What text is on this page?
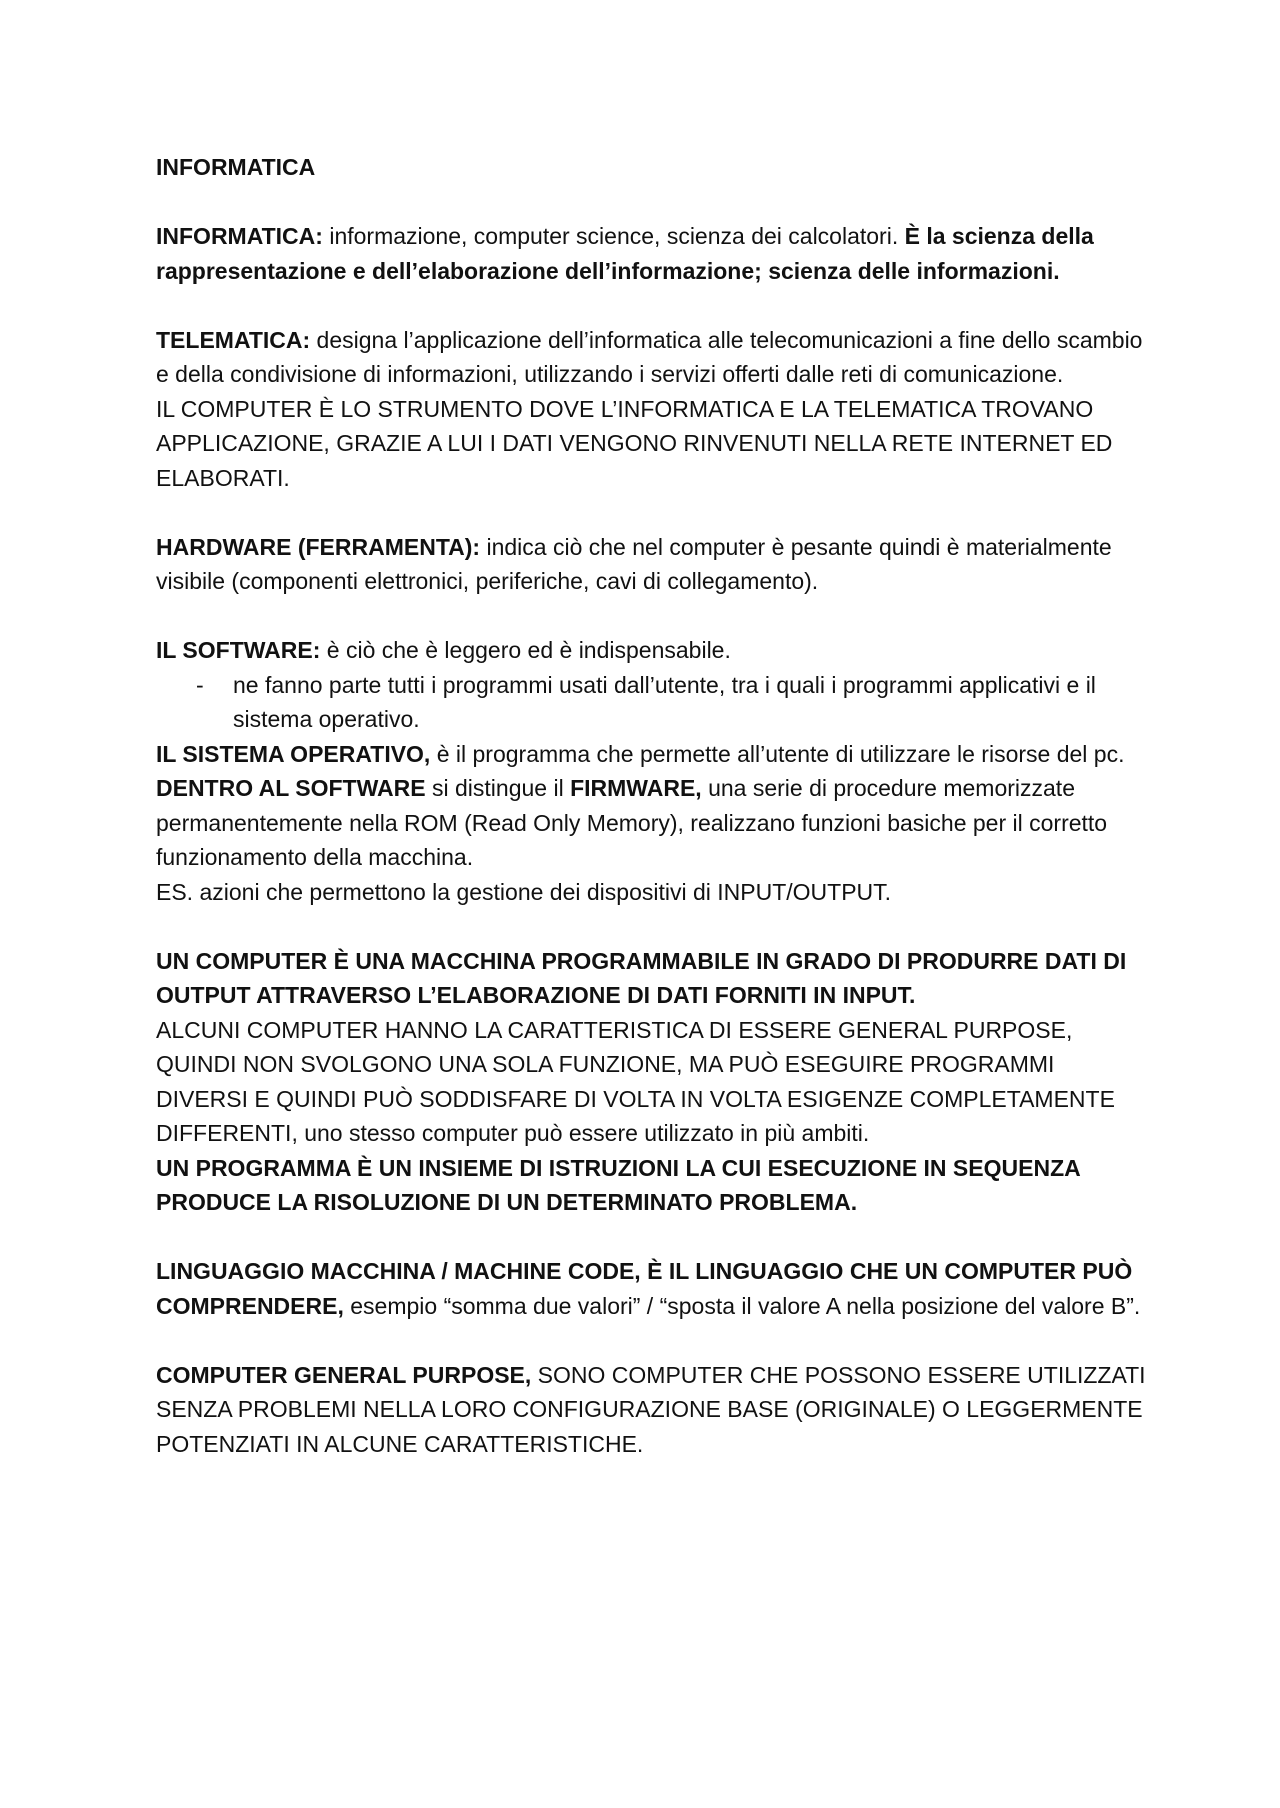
INFORMATICA

INFORMATICA: informazione, computer science, scienza dei calcolatori. È la scienza della rappresentazione e dell’elaborazione dell’informazione; scienza delle informazioni.

TELEMATICA: designa l’applicazione dell’informatica alle telecomunicazioni a fine dello scambio e della condivisione di informazioni, utilizzando i servizi offerti dalle reti di comunicazione.

IL COMPUTER È LO STRUMENTO DOVE L’INFORMATICA E LA TELEMATICA TROVANO APPLICAZIONE, GRAZIE A LUI I DATI VENGONO RINVENUTI NELLA RETE INTERNET ED ELABORATI.

HARDWARE (FERRAMENTA): indica ciò che nel computer è pesante quindi è materialmente visibile (componenti elettronici, periferiche, cavi di collegamento).

IL SOFTWARE: è ciò che è leggero ed è indispensabile.

- ne fanno parte tutti i programmi usati dall’utente, tra i quali i programmi applicativi e il sistema operativo.

IL SISTEMA OPERATIVO, è il programma che permette all’utente di utilizzare le risorse del pc.

DENTRO AL SOFTWARE si distingue il FIRMWARE, una serie di procedure memorizzate permanentemente nella ROM (Read Only Memory), realizzano funzioni basiche per il corretto funzionamento della macchina.

ES. azioni che permettono la gestione dei dispositivi di INPUT/OUTPUT.

UN COMPUTER È UNA MACCHINA PROGRAMMABILE IN GRADO DI PRODURRE DATI DI OUTPUT ATTRAVERSO L’ELABORAZIONE DI DATI FORNITI IN INPUT.

ALCUNI COMPUTER HANNO LA CARATTERISTICA DI ESSERE GENERAL PURPOSE, QUINDI NON SVOLGONO UNA SOLA FUNZIONE, MA PUÒ ESEGUIRE PROGRAMMI DIVERSI E QUINDI PUÒ SODDISFARE DI VOLTA IN VOLTA ESIGENZE COMPLETAMENTE DIFFERENTI, uno stesso computer può essere utilizzato in più ambiti.

UN PROGRAMMA È UN INSIEME DI ISTRUZIONI LA CUI ESECUZIONE IN SEQUENZA PRODUCE LA RISOLUZIONE DI UN DETERMINATO PROBLEMA.

LINGUAGGIO MACCHINA / MACHINE CODE, È IL LINGUAGGIO CHE UN COMPUTER PUÒ COMPRENDERE, esempio “somma due valori” / “sposta il valore A nella posizione del valore B”.

COMPUTER GENERAL PURPOSE, SONO COMPUTER CHE POSSONO ESSERE UTILIZZATI SENZA PROBLEMI NELLA LORO CONFIGURAZIONE BASE (ORIGINALE) O LEGGERMENTE POTENZIATI IN ALCUNE CARATTERISTICHE.
